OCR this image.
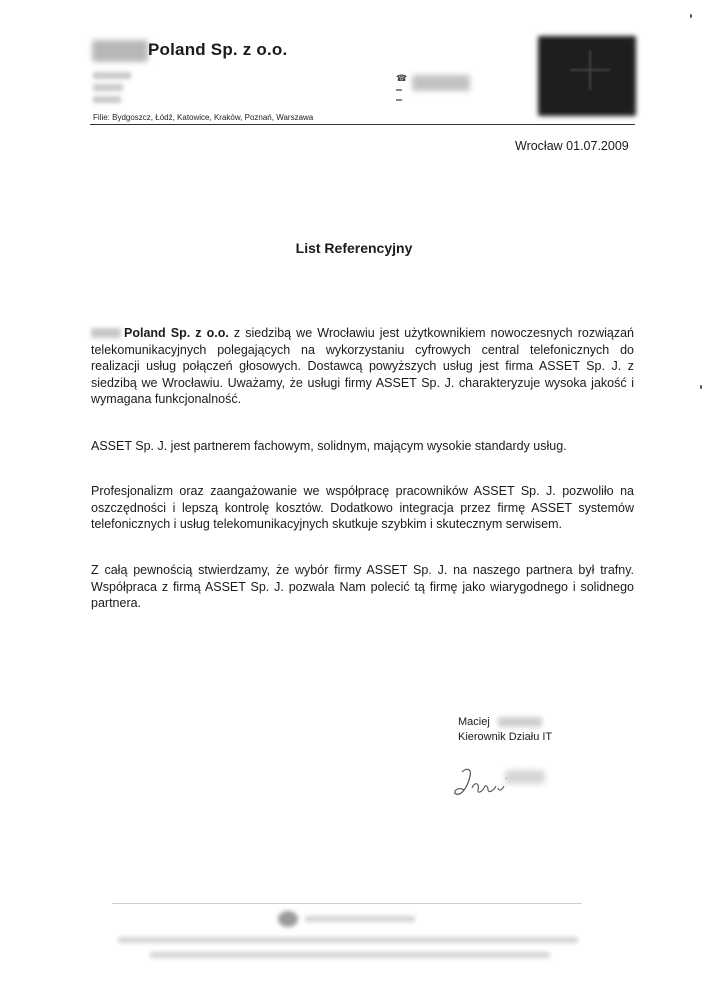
Poland Sp. z o.o.
☎

Filie: Bydgoszcz, Łódź, Katowice, Kraków, Poznań, Warszawa
Wrocław 01.07.2009
List Referencyjny
Poland Sp. z o.o. z siedzibą we Wrocławiu jest użytkownikiem nowoczesnych rozwiązań telekomunikacyjnych polegających na wykorzystaniu cyfrowych central telefonicznych do realizacji usług połączeń głosowych. Dostawcą powyższych usług jest firma ASSET Sp. J. z siedzibą we Wrocławiu. Uważamy, że usługi firmy ASSET Sp. J. charakteryzuje wysoka jakość i wymagana funkcjonalność.
ASSET Sp. J. jest partnerem fachowym, solidnym, mającym wysokie standardy usług.
Profesjonalizm oraz zaangażowanie we współpracę pracowników ASSET Sp. J. pozwoliło na oszczędności i lepszą kontrolę kosztów. Dodatkowo integracja przez firmę ASSET systemów telefonicznych i usług telekomunikacyjnych skutkuje szybkim i skutecznym serwisem.
Z całą pewnością stwierdzamy, że wybór firmy ASSET Sp. J. na naszego partnera był trafny. Współpraca z firmą ASSET Sp. J. pozwala Nam polecić tą firmę jako wiarygodnego i solidnego partnera.
Maciej
Kierownik Działu IT
